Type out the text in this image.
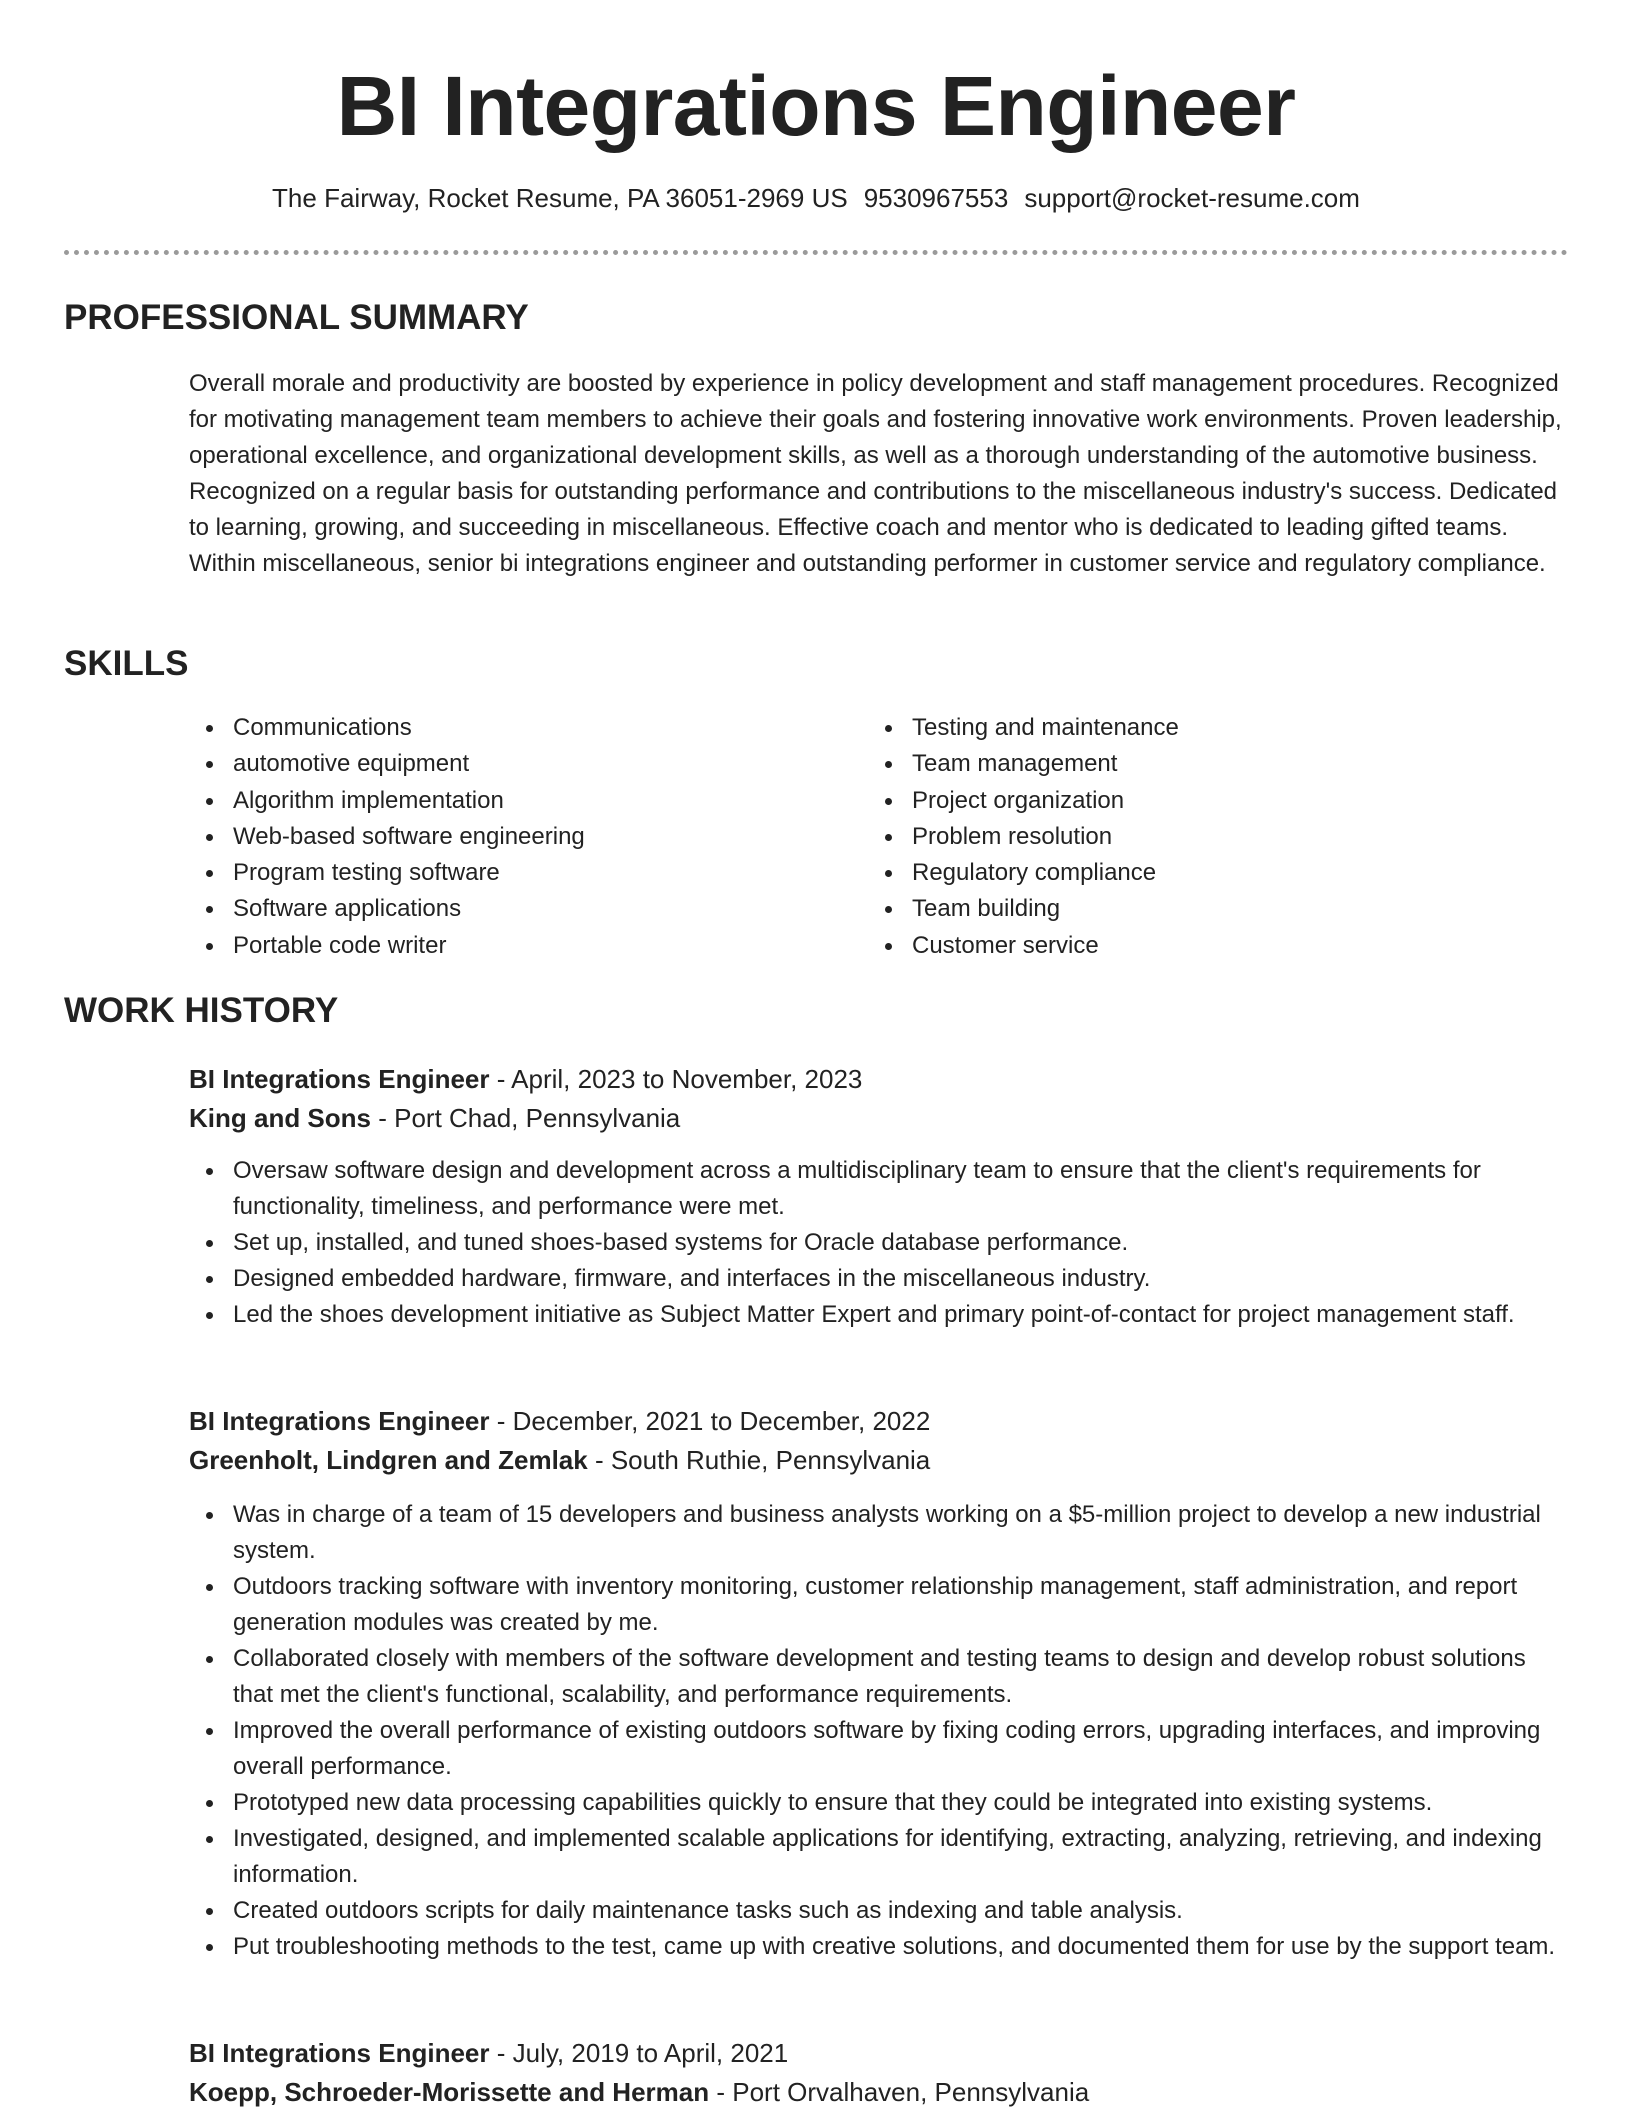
BI Integrations Engineer
The Fairway, Rocket Resume, PA 36051-2969 US 9530967553 support@rocket-resume.com
PROFESSIONAL SUMMARY

Overall morale and productivity are boosted by experience in policy development and staff management procedures. Recognized for motivating management team members to achieve their goals and fostering innovative work environments. Proven leadership, operational excellence, and organizational development skills, as well as a thorough understanding of the automotive business. Recognized on a regular basis for outstanding performance and contributions to the miscellaneous industry's success. Dedicated to learning, growing, and succeeding in miscellaneous. Effective coach and mentor who is dedicated to leading gifted teams. Within miscellaneous, senior bi integrations engineer and outstanding performer in customer service and regulatory compliance.

SKILLS
Communications
automotive equipment
Algorithm implementation
Web-based software engineering
Program testing software
Software applications
Portable code writer
Testing and maintenance
Team management
Project organization
Problem resolution
Regulatory compliance
Team building
Customer service
WORK HISTORY
BI Integrations Engineer - April, 2023 to November, 2023
King and Sons - Port Chad, Pennsylvania
Oversaw software design and development across a multidisciplinary team to ensure that the client's requirements for functionality, timeliness, and performance were met.
Set up, installed, and tuned shoes-based systems for Oracle database performance.
Designed embedded hardware, firmware, and interfaces in the miscellaneous industry.
Led the shoes development initiative as Subject Matter Expert and primary point-of-contact for project management staff.
BI Integrations Engineer - December, 2021 to December, 2022
Greenholt, Lindgren and Zemlak - South Ruthie, Pennsylvania
Was in charge of a team of 15 developers and business analysts working on a $5-million project to develop a new industrial system.
Outdoors tracking software with inventory monitoring, customer relationship management, staff administration, and report generation modules was created by me.
Collaborated closely with members of the software development and testing teams to design and develop robust solutions that met the client's functional, scalability, and performance requirements.
Improved the overall performance of existing outdoors software by fixing coding errors, upgrading interfaces, and improving overall performance.
Prototyped new data processing capabilities quickly to ensure that they could be integrated into existing systems.
Investigated, designed, and implemented scalable applications for identifying, extracting, analyzing, retrieving, and indexing information.
Created outdoors scripts for daily maintenance tasks such as indexing and table analysis.
Put troubleshooting methods to the test, came up with creative solutions, and documented them for use by the support team.
BI Integrations Engineer - July, 2019 to April, 2021
Koepp, Schroeder-Morissette and Herman - Port Orvalhaven, Pennsylvania
